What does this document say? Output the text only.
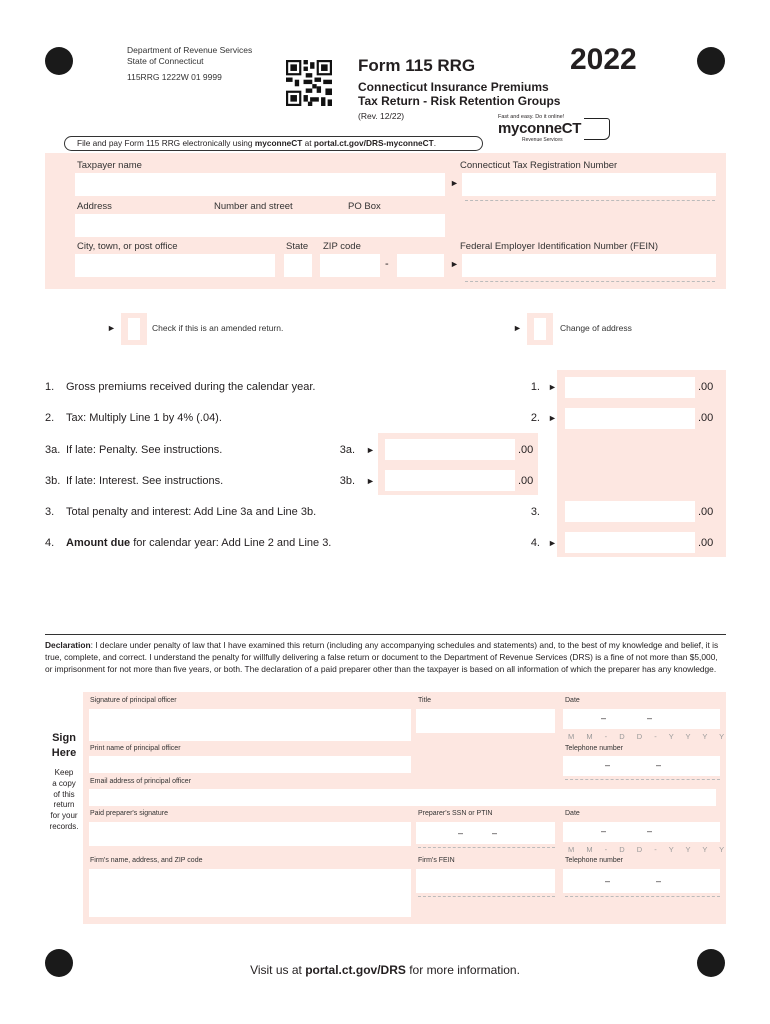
Department of Revenue Services
State of Connecticut
115RRG 1222W 01 9999
Form 115 RRG	2022
Connecticut Insurance Premiums
Tax Return - Risk Retention Groups
(Rev. 12/22)	Fast and easy. Do it online!
myconneCT
Revenue Services
File and pay Form 115 RRG electronically using myconneCT at portal.ct.gov/DRS-myconneCT.
Taxpayer name	Connecticut Tax Registration Number
►
Address	Number and street	PO Box
City, town, or post office	State ZIP code
-
Federal Employer Identification Number (FEIN)
►
►	Check if this is an amended return.	►	Change of address
1. Gross premiums received during the calendar year.	1. ►	.00
2. Tax: Multiply Line 1 by 4% (.04).	2. ►	.00
3a. If late: Penalty. See instructions.	3a. ►	.00
3b. If late: Interest. See instructions.	3b. ►	.00
3. Total penalty and interest: Add Line 3a and Line 3b.	3.	.00
4. Amount due for calendar year: Add Line 2 and Line 3.	4. ►	.00
Declaration: I declare under penalty of law that I have examined this return (including any accompanying schedules and statements) and, to the best of my knowledge and belief, it is true, complete, and correct. I understand the penalty for willfully delivering a false return or document to the Department of Revenue Services (DRS) is a fine of not more than $5,000, or imprisonment for not more than five years, or both. The declaration of a paid preparer other than the taxpayer is based on all information of which the preparer has any knowledge.
Sign
Here
Keep
a copy
of this
return
for your
records.
Signature of principal officer	Title	Date
–	–
M M - D D - Y Y Y Y
Print name of principal officer	Telephone number
–	–
Email address of principal officer
Paid preparer's signature	Preparer's SSN or PTIN
–	–
Date
–	–
M M - D D - Y Y Y Y
Firm's name, address, and ZIP code	Firm's FEIN	Telephone number
–	–
Visit us at portal.ct.gov/DRS for more information.
